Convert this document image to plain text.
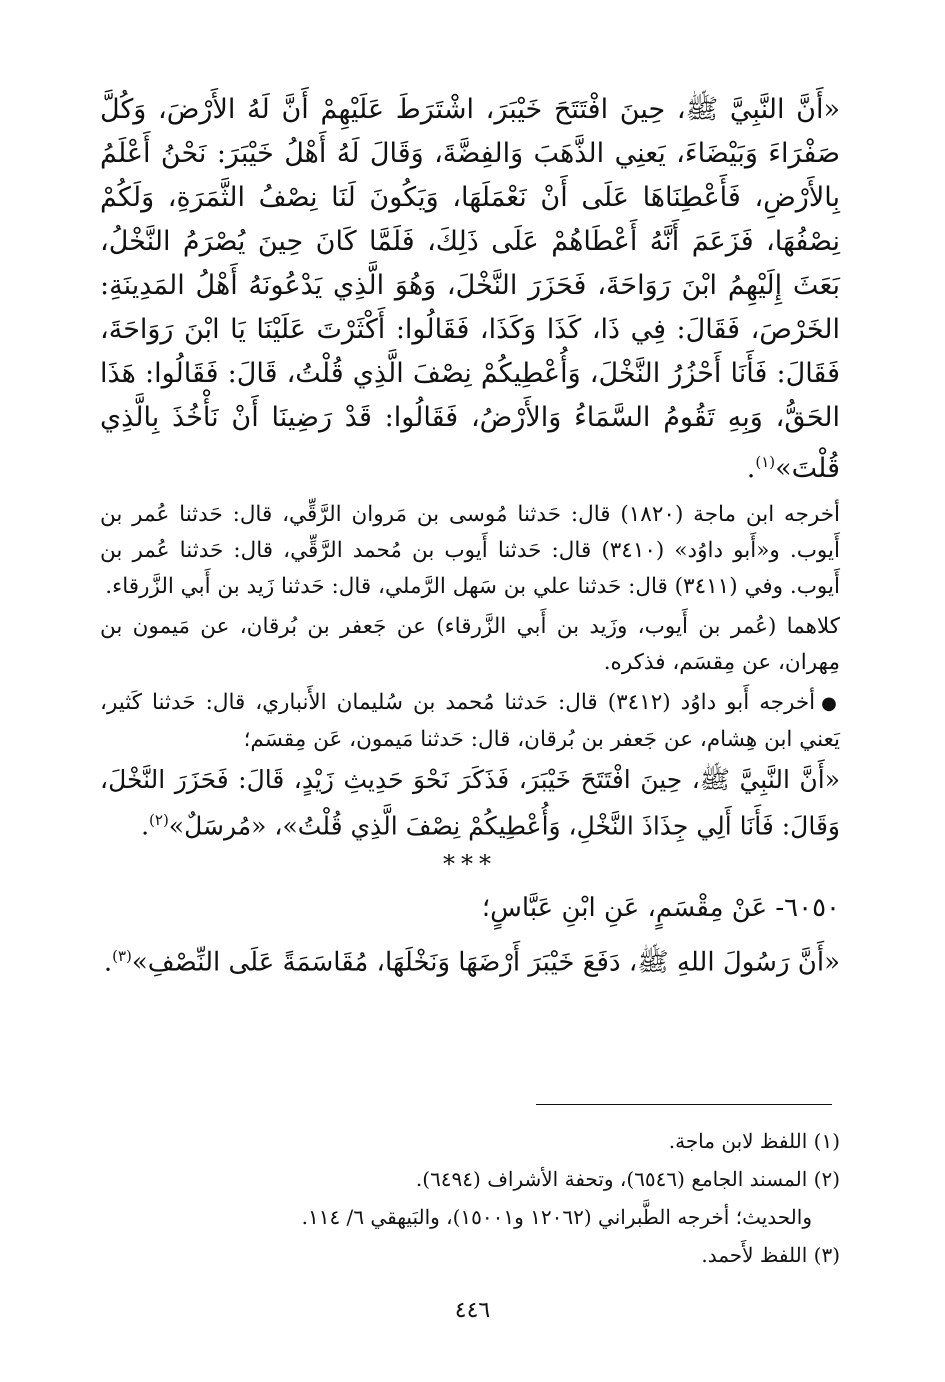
«أَنَّ النَّبِيَّ ﷺ، حِينَ افْتَتَحَ خَيْبَرَ، اشْتَرَطَ عَلَيْهِمْ أَنَّ لَهُ الأَرْضَ، وَكُلَّ صَفْرَاءَ وَبَيْضَاءَ، يَعنِي الذَّهَبَ وَالفِضَّةَ، وَقَالَ لَهُ أَهْلُ خَيْبَرَ: نَحْنُ أَعْلَمُ بِالأَرْضِ، فَأَعْطِنَاهَا عَلَى أَنْ نَعْمَلَهَا، وَيَكُونَ لَنَا نِصْفُ الثَّمَرَةِ، وَلَكُمْ نِصْفُهَا، فَزَعَمَ أَنَّهُ أَعْطَاهُمْ عَلَى ذَلِكَ، فَلَمَّا كَانَ حِينَ يُصْرَمُ النَّخْلُ، بَعَثَ إِلَيْهِمُ ابْنَ رَوَاحَةَ، فَحَزَرَ النَّخْلَ، وَهُوَ الَّذِي يَدْعُونَهُ أَهْلُ المَدِينَةِ: الخَرْصَ، فَقَالَ: فِي ذَا، كَذَا وَكَذَا، فَقَالُوا: أَكْثَرْتَ عَلَيْنَا يَا ابْنَ رَوَاحَةَ، فَقَالَ: فَأَنَا أَحْزُرُ النَّخْلَ، وَأُعْطِيكُمْ نِصْفَ الَّذِي قُلْتُ، قَالَ: فَقَالُوا: هَذَا الحَقُّ، وَبِهِ تَقُومُ السَّمَاءُ وَالأَرْضُ، فَقَالُوا: قَدْ رَضِينَا أَنْ نَأْخُذَ بِالَّذِي قُلْتَ»$^{(١)}$.

أخرجه ابن ماجة (١٨٢٠) قال: حَدثنا مُوسى بن مَروان الرَّقِّي، قال: حَدثنا عُمر بن أَيوب. و«أَبو داوُد» (٣٤١٠) قال: حَدثنا أَيوب بن مُحمد الرَّقِّي، قال: حَدثنا عُمر بن أَيوب. وفي (٣٤١١) قال: حَدثنا علي بن سَهل الرَّملي، قال: حَدثنا زَيد بن أَبي الزَّرقاء.

كلاهما (عُمر بن أَيوب، وزَيد بن أَبي الزَّرقاء) عن جَعفر بن بُرقان، عن مَيمون بن مِهران، عن مِقسَم، فذكره.

●أخرجه أَبو داوُد (٣٤١٢) قال: حَدثنا مُحمد بن سُليمان الأَنباري، قال: حَدثنا كَثير، يَعني ابن هِشام، عن جَعفر بن بُرقان، قال: حَدثنا مَيمون، عَن مِقسَم؛

«أَنَّ النَّبِيَّ ﷺ، حِينَ افْتَتَحَ خَيْبَرَ، فَذَكَرَ نَحْوَ حَدِيثِ زَيْدٍ، قَالَ: فَحَزَرَ النَّخْلَ، وَقَالَ: فَأَنَا أَلِي جِذَاذَ النَّخْلِ، وَأُعْطِيكُمْ نِصْفَ الَّذِي قُلْتُ»، «مُرسَلٌ»$^{(٢)}$.

***

٦٠٥٠- عَنْ مِقْسَمٍ، عَنِ ابْنِ عَبَّاسٍ؛

«أَنَّ رَسُولَ اللهِ ﷺ، دَفَعَ خَيْبَرَ أَرْضَهَا وَنَخْلَهَا، مُقَاسَمَةً عَلَى النِّصْفِ»$^{(٣)}$.

(١) اللفظ لابن ماجة.

(٢) المسند الجامع (٦٥٤٦)، وتحفة الأشراف (٦٤٩٤).

والحديث؛ أخرجه الطَّبراني (١٢٠٦٢ و١٥٠٠١)، والبَيهقي ٦/ ١١٤.

(٣) اللفظ لأَحمد.

٤٤٦
